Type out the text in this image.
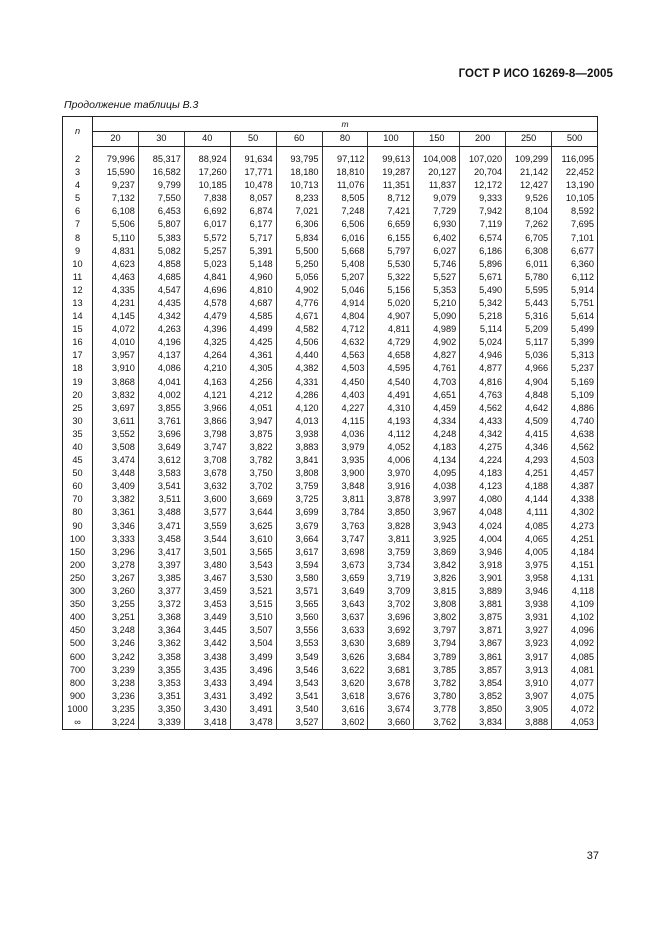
ГОСТ Р ИСО 16269-8—2005
Продолжение таблицы В.3
n	m										
	20	30	40	50	60	80	100	150	200	250	500
2	79,996	85,317	88,924	91,634	93,795	97,112	99,613	104,008	107,020	109,299	116,095
3	15,590	16,582	17,260	17,771	18,180	18,810	19,287	20,127	20,704	21,142	22,452
4	9,237	9,799	10,185	10,478	10,713	11,076	11,351	11,837	12,172	12,427	13,190
5	7,132	7,550	7,838	8,057	8,233	8,505	8,712	9,079	9,333	9,526	10,105
6	6,108	6,453	6,692	6,874	7,021	7,248	7,421	7,729	7,942	8,104	8,592
7	5,506	5,807	6,017	6,177	6,306	6,506	6,659	6,930	7,119	7,262	7,695
8	5,110	5,383	5,572	5,717	5,834	6,016	6,155	6,402	6,574	6,705	7,101
9	4,831	5,082	5,257	5,391	5,500	5,668	5,797	6,027	6,186	6,308	6,677
10	4,623	4,858	5,023	5,148	5,250	5,408	5,530	5,746	5,896	6,011	6,360
11	4,463	4,685	4,841	4,960	5,056	5,207	5,322	5,527	5,671	5,780	6,112
12	4,335	4,547	4,696	4,810	4,902	5,046	5,156	5,353	5,490	5,595	5,914
13	4,231	4,435	4,578	4,687	4,776	4,914	5,020	5,210	5,342	5,443	5,751
14	4,145	4,342	4,479	4,585	4,671	4,804	4,907	5,090	5,218	5,316	5,614
15	4,072	4,263	4,396	4,499	4,582	4,712	4,811	4,989	5,114	5,209	5,499
16	4,010	4,196	4,325	4,425	4,506	4,632	4,729	4,902	5,024	5,117	5,399
17	3,957	4,137	4,264	4,361	4,440	4,563	4,658	4,827	4,946	5,036	5,313
18	3,910	4,086	4,210	4,305	4,382	4,503	4,595	4,761	4,877	4,966	5,237
19	3,868	4,041	4,163	4,256	4,331	4,450	4,540	4,703	4,816	4,904	5,169
20	3,832	4,002	4,121	4,212	4,286	4,403	4,491	4,651	4,763	4,848	5,109
25	3,697	3,855	3,966	4,051	4,120	4,227	4,310	4,459	4,562	4,642	4,886
30	3,611	3,761	3,866	3,947	4,013	4,115	4,193	4,334	4,433	4,509	4,740
35	3,552	3,696	3,798	3,875	3,938	4,036	4,112	4,248	4,342	4,415	4,638
40	3,508	3,649	3,747	3,822	3,883	3,979	4,052	4,183	4,275	4,346	4,562
45	3,474	3,612	3,708	3,782	3,841	3,935	4,006	4,134	4,224	4,293	4,503
50	3,448	3,583	3,678	3,750	3,808	3,900	3,970	4,095	4,183	4,251	4,457
60	3,409	3,541	3,632	3,702	3,759	3,848	3,916	4,038	4,123	4,188	4,387
70	3,382	3,511	3,600	3,669	3,725	3,811	3,878	3,997	4,080	4,144	4,338
80	3,361	3,488	3,577	3,644	3,699	3,784	3,850	3,967	4,048	4,111	4,302
90	3,346	3,471	3,559	3,625	3,679	3,763	3,828	3,943	4,024	4,085	4,273
100	3,333	3,458	3,544	3,610	3,664	3,747	3,811	3,925	4,004	4,065	4,251
150	3,296	3,417	3,501	3,565	3,617	3,698	3,759	3,869	3,946	4,005	4,184
200	3,278	3,397	3,480	3,543	3,594	3,673	3,734	3,842	3,918	3,975	4,151
250	3,267	3,385	3,467	3,530	3,580	3,659	3,719	3,826	3,901	3,958	4,131
300	3,260	3,377	3,459	3,521	3,571	3,649	3,709	3,815	3,889	3,946	4,118
350	3,255	3,372	3,453	3,515	3,565	3,643	3,702	3,808	3,881	3,938	4,109
400	3,251	3,368	3,449	3,510	3,560	3,637	3,696	3,802	3,875	3,931	4,102
450	3,248	3,364	3,445	3,507	3,556	3,633	3,692	3,797	3,871	3,927	4,096
500	3,246	3,362	3,442	3,504	3,553	3,630	3,689	3,794	3,867	3,923	4,092
600	3,242	3,358	3,438	3,499	3,549	3,626	3,684	3,789	3,861	3,917	4,085
700	3,239	3,355	3,435	3,496	3,546	3,622	3,681	3,785	3,857	3,913	4,081
800	3,238	3,353	3,433	3,494	3,543	3,620	3,678	3,782	3,854	3,910	4,077
900	3,236	3,351	3,431	3,492	3,541	3,618	3,676	3,780	3,852	3,907	4,075
1000	3,235	3,350	3,430	3,491	3,540	3,616	3,674	3,778	3,850	3,905	4,072
∞	3,224	3,339	3,418	3,478	3,527	3,602	3,660	3,762	3,834	3,888	4,053
37
